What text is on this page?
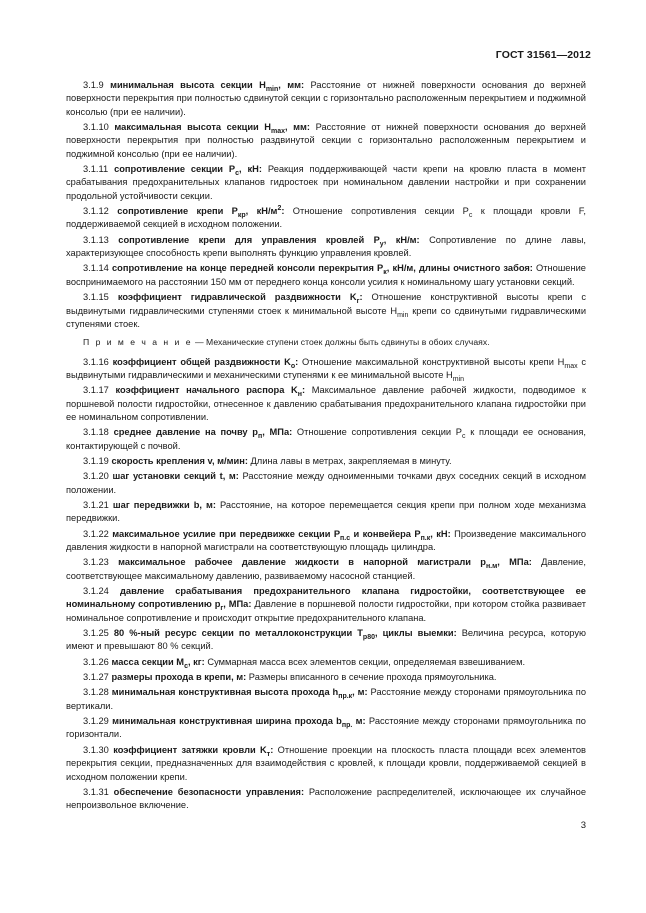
ГОСТ 31561—2012

3.1.9 минимальная высота секции $H_{min}$, мм: Расстояние от нижней поверхности основания до верхней поверхности перекрытия при полностью сдвинутой секции с горизонтально расположенным перекрытием и поджимной консолью (при ее наличии).

3.1.10 максимальная высота секции $H_{max}$, мм: Расстояние от нижней поверхности основания до верхней поверхности перекрытия при полностью раздвинутой секции с горизонтально расположенным перекрытием и поджимной консолью (при ее наличии).

3.1.11 сопротивление секции $P_с$, кН: Реакция поддерживающей части крепи на кровлю пласта в момент срабатывания предохранительных клапанов гидростоек при номинальном давлении настройки и при сохранении продольной устойчивости секции.

3.1.12 сопротивление крепи $P_{кр}$, $кН/м^2$: Отношение сопротивления секции $P_с$ к площади кровли F, поддерживаемой секцией в исходном положении.

3.1.13 сопротивление крепи для управления кровлей $P_у$, кН/м: Сопротивление по длине лавы, характеризующее способность крепи выполнять функцию управления кровлей.

3.1.14 сопротивление на конце передней консоли перекрытия $P_к$, кН/м, длины очистного забоя: Отношение воспринимаемого на расстоянии 150 мм от переднего конца консоли усилия к номинальному шагу установки секций.

3.1.15 коэффициент гидравлической раздвижности $K_г$: Отношение конструктивной высоты крепи с выдвинутыми гидравлическими ступенями стоек к минимальной высоте $H_{min}$ крепи со сдвинутыми гидравлическими ступенями стоек.

П р и м е ч а н и е — Механические ступени стоек должны быть сдвинуты в обоих случаях.

3.1.16 коэффициент общей раздвижности $K_о$: Отношение максимальной конструктивной высоты крепи $H_{max}$ с выдвинутыми гидравлическими и механическими ступенями к ее минимальной высоте $H_{min}$

3.1.17 коэффициент начального распора $K_н$: Максимальное давление рабочей жидкости, подводимое к поршневой полости гидростойки, отнесенное к давлению срабатывания предохранительного клапана гидростойки при ее номинальном сопротивлении.

3.1.18 среднее давление на почву $p_п$, МПа: Отношение сопротивления секции $P_с$ к площади ее основания, контактирующей с почвой.

3.1.19 скорость крепления v, м/мин: Длина лавы в метрах, закрепляемая в минуту.

3.1.20 шаг установки секций t, м: Расстояние между одноименными точками двух соседних секций в исходном положении.

3.1.21 шаг передвижки b, м: Расстояние, на которое перемещается секция крепи при полном ходе механизма передвижки.

3.1.22 максимальное усилие при передвижке секции $P_{п.с}$ и конвейера $P_{п.к}$, кН: Произведение максимального давления жидкости в напорной магистрали на соответствующую площадь цилиндра.

3.1.23 максимальное рабочее давление жидкости в напорной магистрали $p_{н.м}$, МПа: Давление, соответствующее максимальному давлению, развиваемому насосной станцией.

3.1.24 давление срабатывания предохранительного клапана гидростойки, соответствующее ее номинальному сопротивлению $p_г$, МПа: Давление в поршневой полости гидростойки, при котором стойка развивает номинальное сопротивление и происходит открытие предохранительного клапана.

3.1.25 80 %-ный ресурс секции по металлоконструкции $T_{р80}$, циклы выемки: Величина ресурса, которую имеют и превышают 80 % секций.

3.1.26 масса секции $M_с$, кг: Суммарная масса всех элементов секции, определяемая взвешиванием.

3.1.27 размеры прохода в крепи, м: Размеры вписанного в сечение прохода прямоугольника.

3.1.28 минимальная конструктивная высота прохода $h_{пр.к}$, м: Расстояние между сторонами прямоугольника по вертикали.

3.1.29 минимальная конструктивная ширина прохода $b_{пр.}$ м: Расстояние между сторонами прямоугольника по горизонтали.

3.1.30 коэффициент затяжки кровли $K_т$: Отношение проекции на плоскость пласта площади всех элементов перекрытия секции, предназначенных для взаимодействия с кровлей, к площади кровли, поддерживаемой секцией в исходном положении крепи.

3.1.31 обеспечение безопасности управления: Расположение распределителей, исключающее их случайное непроизвольное включение.

3
